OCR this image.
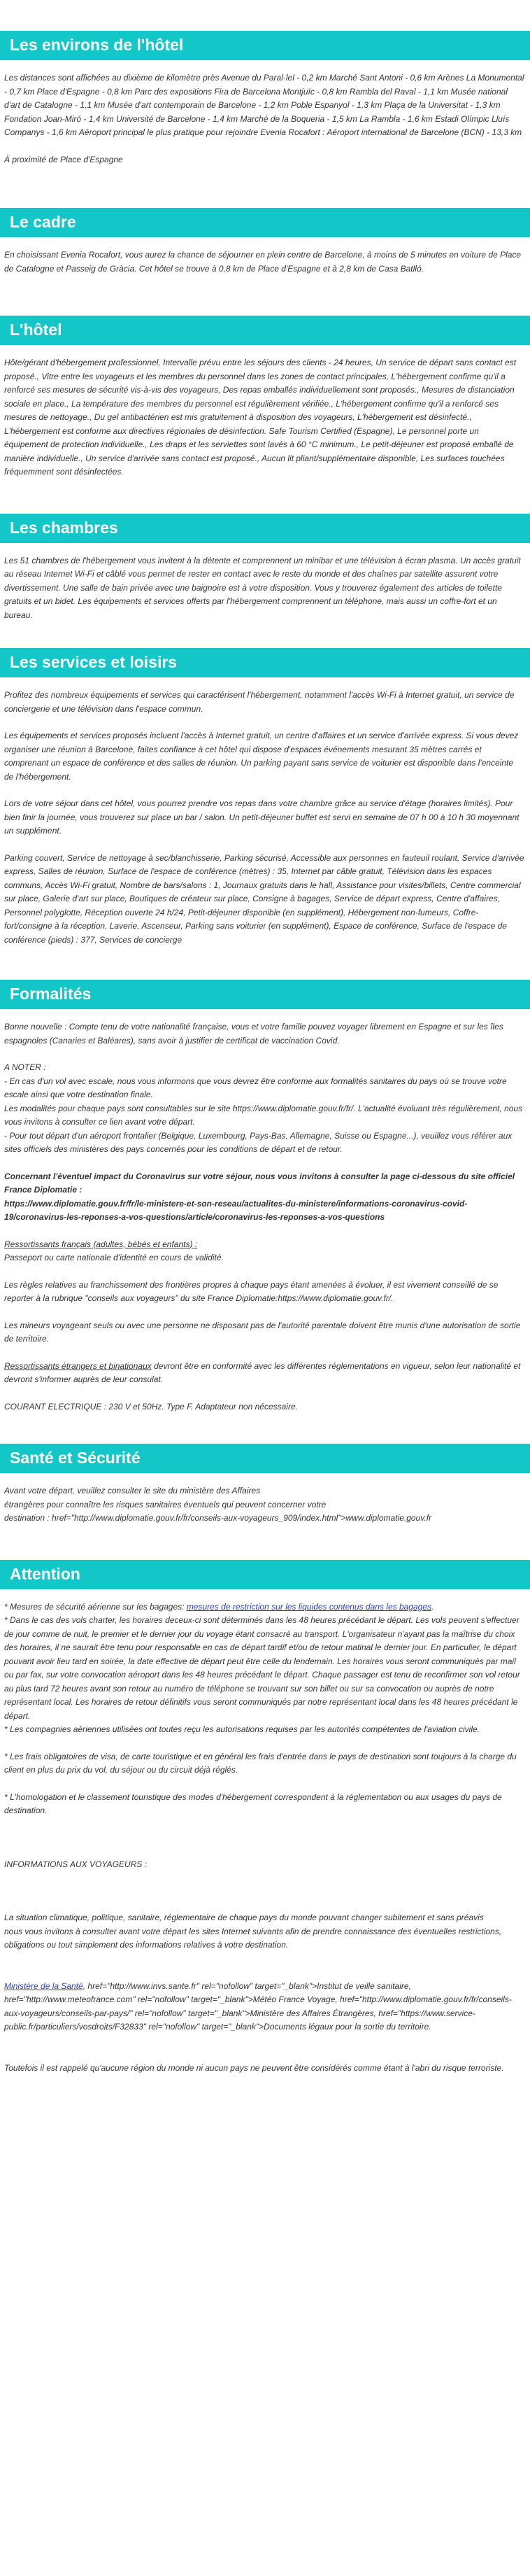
Les environs de l'hôtel

Les distances sont affichées au dixième de kilomètre près Avenue du Paral·lel - 0,2 km Marché Sant Antoni - 0,6 km Arènes La Monumental - 0,7 km Place d'Espagne - 0,8 km Parc des expositions Fira de Barcelona Montjuïc - 0,8 km Rambla del Raval - 1,1 km Musée national d'art de Catalogne - 1,1 km Musée d'art contemporain de Barcelone - 1,2 km Poble Espanyol - 1,3 km Plaça de la Universitat - 1,3 km Fondation Joan-Miró - 1,4 km Université de Barcelone - 1,4 km Marché de la Boqueria - 1,5 km La Rambla - 1,6 km Estadi Olímpic Lluís Companys - 1,6 km Aéroport principal le plus pratique pour rejoindre Evenia Rocafort : Aéroport international de Barcelone (BCN) - 13,3 km

À proximité de Place d'Espagne

Le cadre

En choisissant Evenia Rocafort, vous aurez la chance de séjourner en plein centre de Barcelone, à moins de 5 minutes en voiture de Place de Catalogne et Passeig de Gràcia. Cet hôtel se trouve à 0,8 km de Place d'Espagne et à 2,8 km de Casa Batlló.

L'hôtel

Hôte/gérant d'hébergement professionnel, Intervalle prévu entre les séjours des clients - 24 heures, Un service de départ sans contact est proposé., Vitre entre les voyageurs et les membres du personnel dans les zones de contact principales, L'hébergement confirme qu'il a renforcé ses mesures de sécurité vis-à-vis des voyageurs, Des repas emballés individuellement sont proposés., Mesures de distanciation sociale en place., La température des membres du personnel est régulièrement vérifiée., L'hébergement confirme qu'il a renforcé ses mesures de nettoyage., Du gel antibactérien est mis gratuitement à disposition des voyageurs, L'hébergement est désinfecté., L'hébergement est conforme aux directives régionales de désinfection. Safe Tourism Certified (Espagne), Le personnel porte un équipement de protection individuelle., Les draps et les serviettes sont lavés à 60 °C minimum., Le petit-déjeuner est proposé emballé de manière individuelle., Un service d'arrivée sans contact est proposé., Aucun lit pliant/supplémentaire disponible, Les surfaces touchées fréquemment sont désinfectées.

Les chambres

Les 51 chambres de l'hébergement vous invitent à la détente et comprennent un minibar et une télévision à écran plasma. Un accès gratuit au réseau Internet Wi-Fi et câblé vous permet de rester en contact avec le reste du monde et des chaînes par satellite assurent votre divertissement. Une salle de bain privée avec une baignoire est à votre disposition. Vous y trouverez également des articles de toilette gratuits et un bidet. Les équipements et services offerts par l'hébergement comprennent un téléphone, mais aussi un coffre-fort et un bureau.

Les services et loisirs

Profitez des nombreux équipements et services qui caractérisent l'hébergement, notamment l'accès Wi-Fi à Internet gratuit, un service de conciergerie et une télévision dans l'espace commun.

Les équipements et services proposés incluent l'accès à Internet gratuit, un centre d'affaires et un service d'arrivée express. Si vous devez organiser une réunion à Barcelone, faites confiance à cet hôtel qui dispose d'espaces événements mesurant 35 mètres carrés et comprenant un espace de conférence et des salles de réunion. Un parking payant sans service de voiturier est disponible dans l'enceinte de l'hébergement.

Lors de votre séjour dans cet hôtel, vous pourrez prendre vos repas dans votre chambre grâce au service d'étage (horaires limités). Pour bien finir la journée, vous trouverez sur place un bar / salon. Un petit-déjeuner buffet est servi en semaine de 07 h 00 à 10 h 30 moyennant un supplément.

Parking couvert, Service de nettoyage à sec/blanchisserie, Parking sécurisé, Accessible aux personnes en fauteuil roulant, Service d'arrivée express, Salles de réunion, Surface de l'espace de conférence (mètres) : 35, Internet par câble gratuit, Télévision dans les espaces communs, Accès Wi-Fi gratuit, Nombre de bars/salons : 1, Journaux gratuits dans le hall, Assistance pour visites/billets, Centre commercial sur place, Galerie d'art sur place, Boutiques de créateur sur place, Consigne à bagages, Service de départ express, Centre d'affaires, Personnel polyglotte, Réception ouverte 24 h/24, Petit-déjeuner disponible (en supplément), Hébergement non-fumeurs, Coffre-fort/consigne à la réception, Laverie, Ascenseur, Parking sans voiturier (en supplément), Espace de conférence, Surface de l'espace de conférence (pieds) : 377, Services de concierge

Formalités

Bonne nouvelle : Compte tenu de votre nationalité française, vous et votre famille pouvez voyager librement en Espagne et sur les îles espagnoles (Canaries et Baléares), sans avoir à justifier de certificat de vaccination Covid.

A NOTER :
- En cas d'un vol avec escale, nous vous informons que vous devrez être conforme aux formalités sanitaires du pays où se trouve votre escale ainsi que votre destination finale.
Les modalités pour chaque pays sont consultables sur le site https://www.diplomatie.gouv.fr/fr/. L'actualité évoluant très régulièrement, nous vous invitons à consulter ce lien avant votre départ.
- Pour tout départ d'un aéroport frontalier (Belgique, Luxembourg, Pays-Bas, Allemagne, Suisse ou Espagne...), veuillez vous référer aux sites officiels des ministères des pays concernés pour les conditions de départ et de retour.

Concernant l'éventuel impact du Coronavirus sur votre séjour, nous vous invitons à consulter la page ci-dessous du site officiel France Diplomatie :
https://www.diplomatie.gouv.fr/fr/le-ministere-et-son-reseau/actualites-du-ministere/informations-coronavirus-covid-19/coronavirus-les-reponses-a-vos-questions/article/coronavirus-les-reponses-a-vos-questions

Ressortissants français (adultes, bébés et enfants) :
Passeport ou carte nationale d'identité en cours de validité.

Les règles relatives au franchissement des frontières propres à chaque pays étant amenées à évoluer, il est vivement conseillé de se reporter à la rubrique "conseils aux voyageurs" du site France Diplomatie:https://www.diplomatie.gouv.fr/.

Les mineurs voyageant seuls ou avec une personne ne disposant pas de l'autorité parentale doivent être munis d'une autorisation de sortie de territoire.

Ressortissants étrangers et binationaux devront être en conformité avec les différentes réglementations en vigueur, selon leur nationalité et devront s'informer auprès de leur consulat.

COURANT ELECTRIQUE : 230 V et 50Hz. Type F. Adaptateur non nécessaire.

Santé et Sécurité

Avant votre départ, veuillez consulter le site du ministère des Affaires
étrangères pour connaître les risques sanitaires éventuels qui peuvent concerner votre
destination : href="http://www.diplomatie.gouv.fr/fr/conseils-aux-voyageurs_909/index.html">www.diplomatie.gouv.fr

Attention

* Mesures de sécurité aérienne sur les bagages: mesures de restriction sur les liquides contenus dans les bagages.
* Dans le cas des vols charter, les horaires deceux-ci sont déterminés dans les 48 heures précédant le départ. Les vols peuvent s'effectuer de jour comme de nuit, le premier et le dernier jour du voyage étant consacré au transport. L'organisateur n'ayant pas la maîtrise du choix des horaires, il ne saurait être tenu pour responsable en cas de départ tardif et/ou de retour matinal le dernier jour. En particulier, le départ pouvant avoir lieu tard en soirée, la date effective de départ peut être celle du lendemain. Les horaires vous seront communiqués par mail ou par fax, sur votre convocation aéroport dans les 48 heures précédant le départ. Chaque passager est tenu de reconfirmer son vol retour au plus tard 72 heures avant son retour au numéro de téléphone se trouvant sur son billet ou sur sa convocation ou auprès de notre représentant local. Les horaires de retour définitifs vous seront communiqués par notre représentant local dans les 48 heures précédant le départ.
* Les compagnies aériennes utilisées ont toutes reçu les autorisations requises par les autorités compétentes de l'aviation civile.

* Les frais obligatoires de visa, de carte touristique et en général les frais d'entrée dans le pays de destination sont toujours à la charge du client en plus du prix du vol, du séjour ou du circuit déjà réglés.

* L'homologation et le classement touristique des modes d'hébergement correspondent à la réglementation ou aux usages du pays de destination.

INFORMATIONS AUX VOYAGEURS :

La situation climatique, politique, sanitaire, réglementaire de chaque pays du monde pouvant changer subitement et sans préavis
nous vous invitons à consulter avant votre départ les sites Internet suivants afin de prendre connaissance des éventuelles restrictions, obligations ou tout simplement des informations relatives à votre destination.

Ministère de la Santé, href="http://www.invs.sante.fr" rel="nofollow" target="_blank">Institut de veille sanitaire, href="http://www.meteofrance.com" rel="nofollow" target="_blank">Météo France Voyage, href="http://www.diplomatie.gouv.fr/fr/conseils-aux-voyageurs/conseils-par-pays/" rel="nofollow" target="_blank">Ministère des Affaires Étrangères, href="https://www.service-public.fr/particuliers/vosdroits/F32833" rel="nofollow" target="_blank">Documents légaux pour la sortie du territoire.

Toutefois il est rappelé qu'aucune région du monde ni aucun pays ne peuvent être considérés comme étant à l'abri du risque terroriste.
